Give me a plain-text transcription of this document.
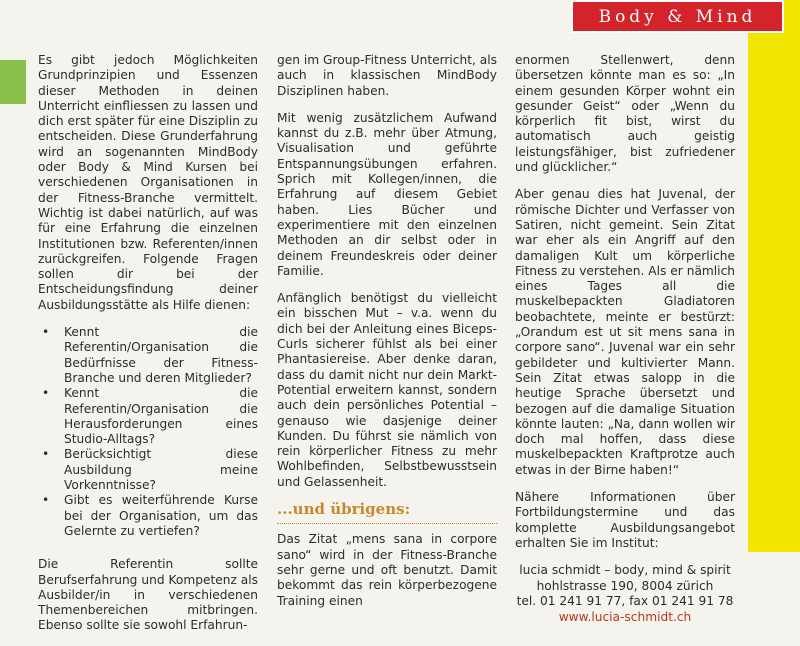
Body & Mind

Es gibt jedoch Möglichkeiten Grundprinzipien und Essenzen dieser Methoden in deinen Unterricht einfliessen zu lassen und dich erst später für eine Disziplin zu entscheiden. Diese Grunderfahrung wird an sogenannten MindBody oder Body & Mind Kursen bei verschiedenen Organisationen in der Fitness-Branche vermittelt. Wichtig ist dabei natürlich, auf was für eine Erfahrung die einzelnen Institutionen bzw. Referenten/innen zurückgreifen. Folgende Fragen sollen dir bei der Entscheidungsfindung deiner Ausbildungsstätte als Hilfe dienen:

• Kennt die Referentin/Organisation die Bedürfnisse der Fitness-Branche und deren Mitglieder?
• Kennt die Referentin/Organisation die Herausforderungen eines Studio-Alltags?
• Berücksichtigt diese Ausbildung meine Vorkenntnisse?
• Gibt es weiterführende Kurse bei der Organisation, um das Gelernte zu vertiefen?

Die Referentin sollte Berufserfahrung und Kompetenz als Ausbilder/in in verschiedenen Themenbereichen mitbringen. Ebenso sollte sie sowohl Erfahrun-

gen im Group-Fitness Unterricht, als auch in klassischen MindBody Disziplinen haben.

Mit wenig zusätzlichem Aufwand kannst du z.B. mehr über Atmung, Visualisation und geführte Entspannungsübungen erfahren. Sprich mit Kollegen/innen, die Erfahrung auf diesem Gebiet haben. Lies Bücher und experimentiere mit den einzelnen Methoden an dir selbst oder in deinem Freundeskreis oder deiner Familie.

Anfänglich benötigst du vielleicht ein bisschen Mut – v.a. wenn du dich bei der Anleitung eines Biceps-Curls sicherer fühlst als bei einer Phantasiereise. Aber denke daran, dass du damit nicht nur dein Markt-Potential erweitern kannst, sondern auch dein persönliches Potential – genauso wie dasjenige deiner Kunden. Du führst sie nämlich von rein körperlicher Fitness zu mehr Wohlbefinden, Selbstbewusstsein und Gelassenheit.

...und übrigens:

Das Zitat „mens sana in corpore sano“ wird in der Fitness-Branche sehr gerne und oft benutzt. Damit bekommt das rein körperbezogene Training einen

enormen Stellenwert, denn übersetzen könnte man es so: „In einem gesunden Körper wohnt ein gesunder Geist“ oder „Wenn du körperlich fit bist, wirst du automatisch auch geistig leistungsfähiger, bist zufriedener und glücklicher.“

Aber genau dies hat Juvenal, der römische Dichter und Verfasser von Satiren, nicht gemeint. Sein Zitat war eher als ein Angriff auf den damaligen Kult um körperliche Fitness zu verstehen. Als er nämlich eines Tages all die muskelbepackten Gladiatoren beobachtete, meinte er bestürzt: „Orandum est ut sit mens sana in corpore sano“. Juvenal war ein sehr gebildeter und kultivierter Mann. Sein Zitat etwas salopp in die heutige Sprache übersetzt und bezogen auf die damalige Situation könnte lauten: „Na, dann wollen wir doch mal hoffen, dass diese muskelbepackten Kraftprotze auch etwas in der Birne haben!“

Nähere Informationen über Fortbildungstermine und das komplette Ausbildungsangebot erhalten Sie im Institut:

lucia schmidt – body, mind & spirit
hohlstrasse 190, 8004 zürich
tel. 01 241 91 77, fax 01 241 91 78
www.lucia-schmidt.ch
